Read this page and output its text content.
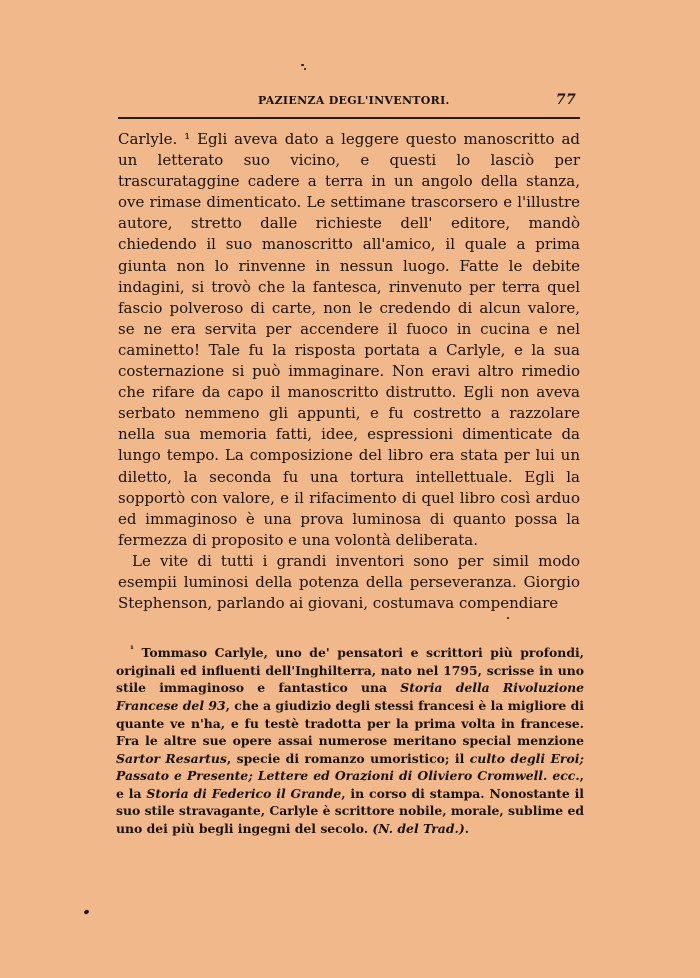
PAZIENZA DEGL'INVENTORI.	77

Carlyle. ¹ Egli aveva dato a leggere questo manoscritto ad un letterato suo vicino, e questi lo lasciò per trascurataggine cadere a terra in un angolo della stanza, ove rimase dimenticato. Le settimane trascorsero e l'illustre autore, stretto dalle richieste dell' editore, mandò chiedendo il suo manoscritto all'amico, il quale a prima giunta non lo rinvenne in nessun luogo. Fatte le debite indagini, si trovò che la fantesca, rinvenuto per terra quel fascio polveroso di carte, non le credendo di alcun valore, se ne era servita per accendere il fuoco in cucina e nel caminetto! Tale fu la risposta portata a Carlyle, e la sua costernazione si può immaginare. Non eravi altro rimedio che rifare da capo il manoscritto distrutto. Egli non aveva serbato nemmeno gli appunti, e fu costretto a razzolare nella sua memoria fatti, idee, espressioni dimenticate da lungo tempo. La composizione del libro era stata per lui un diletto, la seconda fu una tortura intellettuale. Egli la sopportò con valore, e il rifacimento di quel libro così arduo ed immaginoso è una prova luminosa di quanto possa la fermezza di proposito e una volontà deliberata.

Le vite di tutti i grandi inventori sono per simil modo esempii luminosi della potenza della perseveranza. Giorgio Stephenson, parlando ai giovani, costumava compendiare

$^{^1}$ Tommaso Carlyle, uno de' pensatori e scrittori più profondi, originali ed influenti dell'Inghilterra, nato nel 1795, scrisse in uno stile immaginoso e fantastico una Storia della Rivoluzione Francese del 93, che a giudizio degli stessi francesi è la migliore di quante ve n'ha, e fu testè tradotta per la prima volta in francese. Fra le altre sue opere assai numerose meritano special menzione Sartor Resartus, specie di romanzo umoristico; il culto degli Eroi; Passato e Presente; Lettere ed Orazioni di Oliviero Cromwell. ecc., e la Storia di Federico il Grande, in corso di stampa. Nonostante il suo stile stravagante, Carlyle è scrittore nobile, morale, sublime ed uno dei più begli ingegni del secolo. (N. del Trad.).
